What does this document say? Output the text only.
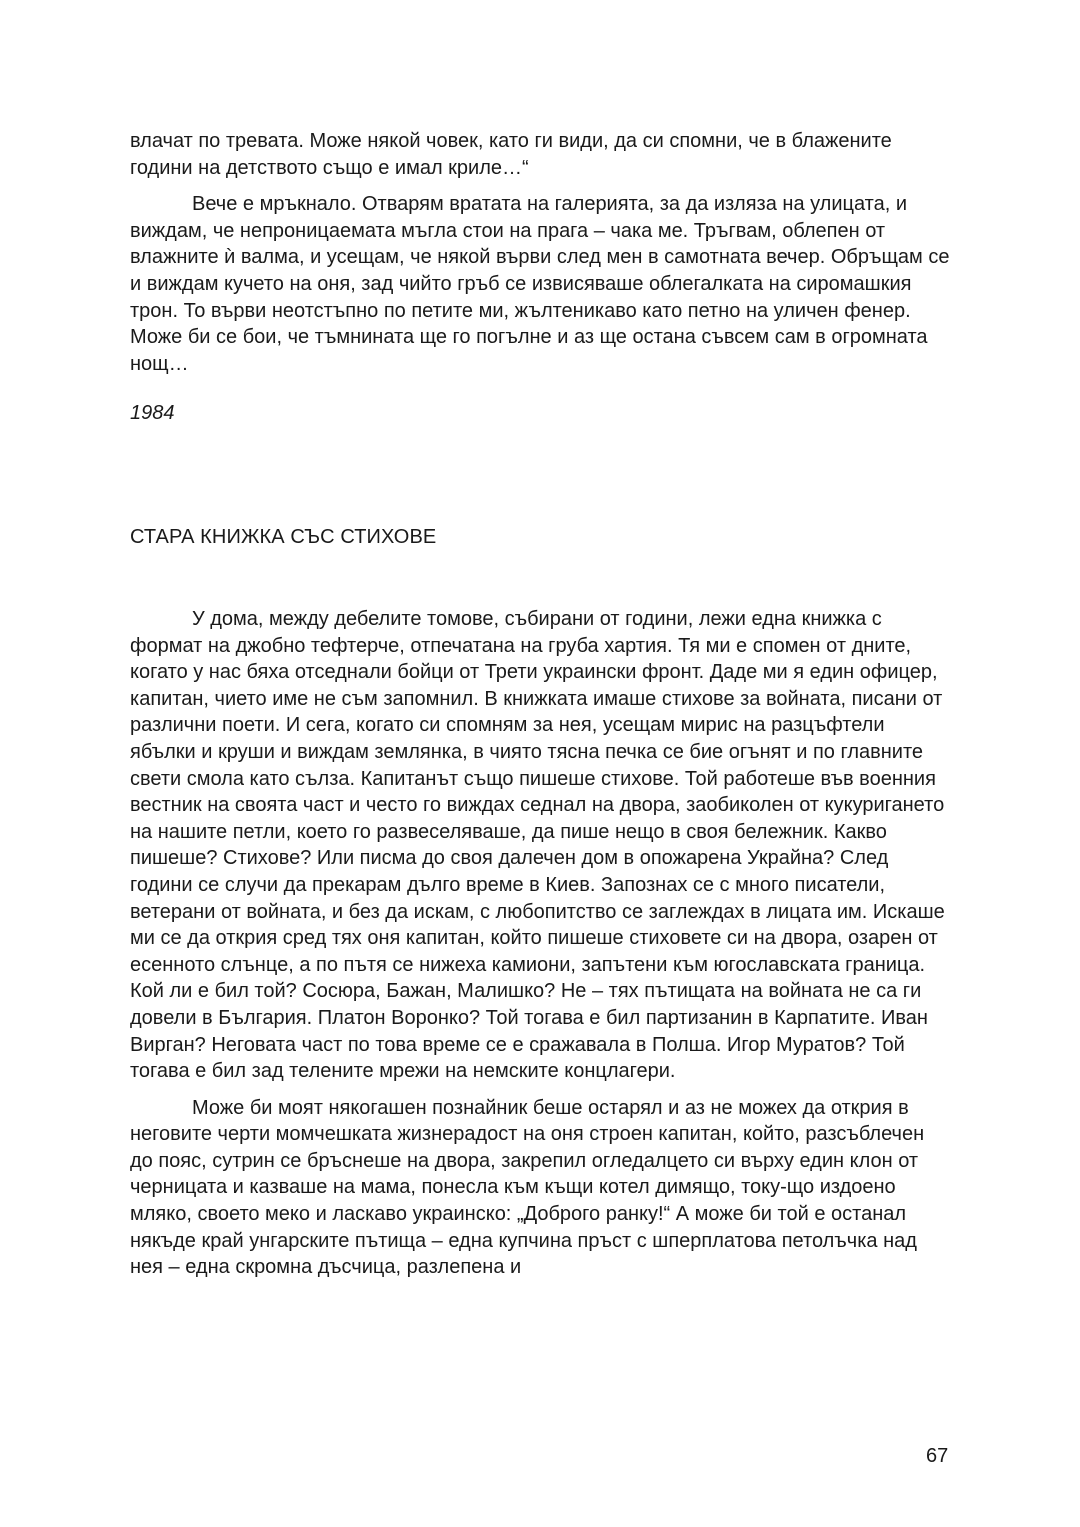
влачат по тревата. Може някой човек, като ги види, да си спомни, че в блажените години на детството също е имал криле…“

Вече е мръкнало. Отварям вратата на галерията, за да изляза на улицата, и виждам, че непроницаемата мъгла стои на прага – чака ме. Тръгвам, облепен от влажните ѝ валма, и усещам, че някой върви след мен в самотната вечер. Обръщам се и виждам кучето на оня, зад чийто гръб се извисяваше облегалката на сиромашкия трон. То върви неотстъпно по петите ми, жълтеникаво като петно на уличен фенер. Може би се бои, че тъмнината ще го погълне и аз ще остана съвсем сам в огромната нощ…

1984
СТАРА КНИЖКА СЪС СТИХОВЕ

У дома, между дебелите томове, събирани от години, лежи една книжка с формат на джобно тефтерче, отпечатана на груба хартия. Тя ми е спомен от дните, когато у нас бяха отседнали бойци от Трети украински фронт. Даде ми я един офицер, капитан, чието име не съм запомнил. В книжката имаше стихове за войната, писани от различни поети. И сега, когато си спомням за нея, усещам мирис на разцъфтели ябълки и круши и виждам землянка, в чиято тясна печка се бие огънят и по главните свети смола като сълза. Капитанът също пишеше стихове. Той работеше във военния вестник на своята част и често го виждах седнал на двора, заобиколен от кукуригането на нашите петли, което го развеселяваше, да пише нещо в своя бележник. Какво пишеше? Стихове? Или писма до своя далечен дом в опожарена Украйна? След години се случи да прекарам дълго време в Киев. Запознах се с много писатели, ветерани от войната, и без да искам, с любопитство се заглеждах в лицата им. Искаше ми се да открия сред тях оня капитан, който пишеше стиховете си на двора, озарен от есенното слънце, а по пътя се нижеха камиони, запътени към югославската граница. Кой ли е бил той? Сосюра, Бажан, Малишко? Не – тях пътищата на войната не са ги довели в България. Платон Воронко? Той тогава е бил партизанин в Карпатите. Иван Вирган? Неговата част по това време се е сражавала в Полша. Игор Муратов? Той тогава е бил зад телените мрежи на немските концлагери.

Може би моят някогашен познайник беше остарял и аз не можех да открия в неговите черти момчешката жизнерадост на оня строен капитан, който, разсъблечен до пояс, сутрин се бръснеше на двора, закрепил огледалцето си върху един клон от черницата и казваше на мама, понесла към къщи котел димящо, току-що издоено мляко, своето меко и ласкаво украинско: „Доброго ранку!“ А може би той е останал някъде край унгарските пътища – една купчина пръст с шперплатова петолъчка над нея – една скромна дъсчица, разлепена и

67
